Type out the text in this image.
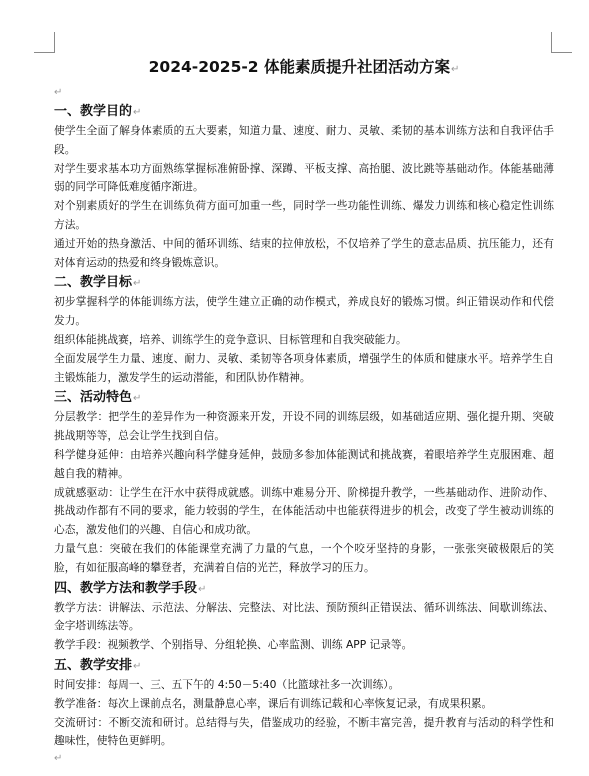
2024-2025-2 体能素质提升社团活动方案↵
↵
一、教学目的↵

使学生全面了解身体素质的五大要素，知道力量、速度、耐力、灵敏、柔韧的基本训练方法和自我评估手段。

对学生要求基本功方面熟练掌握标准俯卧撑、深蹲、平板支撑、高抬腿、波比跳等基础动作。体能基础薄弱的同学可降低难度循序渐进。

对个别素质好的学生在训练负荷方面可加重一些，同时学一些功能性训练、爆发力训练和核心稳定性训练方法。

通过开始的热身激活、中间的循环训练、结束的拉伸放松，不仅培养了学生的意志品质、抗压能力，还有对体育运动的热爱和终身锻炼意识。

二、教学目标↵

初步掌握科学的体能训练方法，使学生建立正确的动作模式，养成良好的锻炼习惯。纠正错误动作和代偿发力。

组织体能挑战赛，培养、训练学生的竞争意识、目标管理和自我突破能力。

全面发展学生力量、速度、耐力、灵敏、柔韧等各项身体素质，增强学生的体质和健康水平。培养学生自主锻炼能力，激发学生的运动潜能，和团队协作精神。

三、活动特色↵

分层教学：把学生的差异作为一种资源来开发，开设不同的训练层级，如基础适应期、强化提升期、突破挑战期等等，总会让学生找到自信。

科学健身延伸：由培养兴趣向科学健身延伸，鼓励多参加体能测试和挑战赛，着眼培养学生克服困难、超越自我的精神。

成就感驱动：让学生在汗水中获得成就感。训练中难易分开、阶梯提升教学，一些基础动作、进阶动作、挑战动作都有不同的要求，能力较弱的学生，在体能活动中也能获得进步的机会，改变了学生被动训练的心态，激发他们的兴趣、自信心和成功欲。

力量气息：突破在我们的体能课堂充满了力量的气息，一个个咬牙坚持的身影，一张张突破极限后的笑脸，有如征服高峰的攀登者，充满着自信的光芒，释放学习的压力。

四、教学方法和教学手段↵

教学方法：讲解法、示范法、分解法、完整法、对比法、预防预纠正错误法、循环训练法、间歇训练法、金字塔训练法等。

教学手段：视频教学、个别指导、分组轮换、心率监测、训练 APP 记录等。

五、教学安排↵

时间安排：每周一、三、五下午的 4:50－5:40（比篮球社多一次训练）。

教学准备：每次上课前点名，测量静息心率，课后有训练记载和心率恢复记录，有成果积累。

交流研讨：不断交流和研讨。总结得与失，借鉴成功的经验，不断丰富完善，提升教育与活动的科学性和趣味性，使特色更鲜明。

↵
